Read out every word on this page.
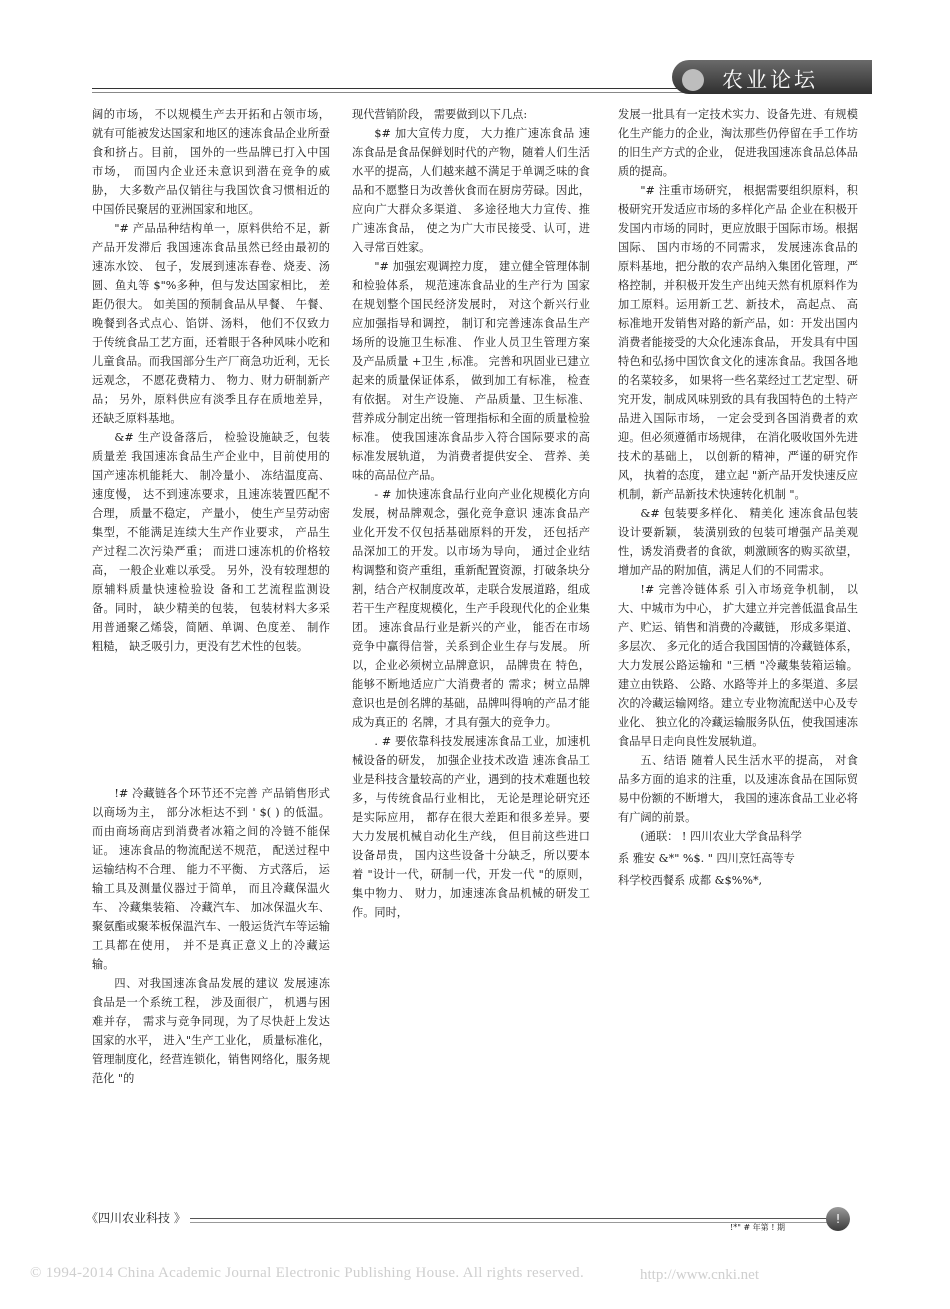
农业论坛

阔的市场， 不以规模生产去开拓和占领市场， 就有可能被发达国家和地区的速冻食品企业所蚕食和挤占。目前， 国外的一些品牌已打入中国市场， 而国内企业还未意识到潜在竞争的威胁， 大多数产品仅销往与我国饮食习惯相近的中国侨民聚居的亚洲国家和地区。

"# 产品品种结构单一，原料供给不足，新产品开发滞后 我国速冻食品虽然已经由最初的速冻水饺、 包子，发展到速冻春卷、烧麦、汤圆、鱼丸等 $"%多种，但与发达国家相比， 差距仍很大。 如美国的预制食品从早餐、 午餐、晚餐到各式点心、馅饼、汤料， 他们不仅致力于传统食品工艺方面，还着眼于各种风味小吃和儿童食品。而我国部分生产厂商急功近利，无长远观念， 不愿花费精力、 物力、财力研制新产品； 另外，原料供应有淡季且存在质地差异， 还缺乏原料基地。

&# 生产设备落后， 检验设施缺乏，包装质量差 我国速冻食品生产企业中，目前使用的国产速冻机能耗大、 制冷量小、 冻结温度高、 速度慢， 达不到速冻要求，且速冻装置匹配不合理， 质量不稳定， 产量小， 使生产呈劳动密集型，不能满足连续大生产作业要求， 产品生产过程二次污染严重； 而进口速冻机的价格较高， 一般企业难以承受。 另外，没有较理想的原辅料质量快速检验设 备和工艺流程监测设备。同时， 缺少精美的包装， 包装材料大多采用普通聚乙烯袋，简陋、单调、色度差、 制作粗糙， 缺乏吸引力，更没有艺术性的包装。

!# 冷藏链各个环节还不完善 产品销售形式以商场为主， 部分冰柜达不到 ' $( ) 的低温。 而由商场商店到消费者冰箱之间的冷链不能保证。 速冻食品的物流配送不规范， 配送过程中运输结构不合理、 能力不平衡、 方式落后， 运输工具及测量仪器过于简单， 而且冷藏保温火车、 冷藏集装箱、 冷藏汽车、 加冰保温火车、聚氨酯或聚苯板保温汽车、一般运货汽车等运输工具都在使用， 并不是真正意义上的冷藏运输。

四、对我国速冻食品发展的建议 发展速冻食品是一个系统工程， 涉及面很广， 机遇与困难并存， 需求与竞争同现，为了尽快赶上发达国家的水平， 进入"生产工业化， 质量标准化， 管理制度化，经营连锁化，销售网络化，服务规范化 "的

现代营销阶段， 需要做到以下几点:

$# 加大宣传力度， 大力推广速冻食品 速冻食品是食品保鲜划时代的产物，随着人们生活水平的提高，人们越来越不满足于单调乏味的食品和不愿整日为改善伙食而在厨房劳碌。因此，应向广大群众多渠道、 多途径地大力宣传、推广速冻食品， 使之为广大市民接受、认可，进入寻常百姓家。

"# 加强宏观调控力度， 建立健全管理体制和检验体系， 规范速冻食品业的生产行为 国家在规划整个国民经济发展时， 对这个新兴行业应加强指导和调控， 制订和完善速冻食品生产场所的设施卫生标准、 作业人员卫生管理方案及产品质量 +卫生 ,标准。 完善和巩固业已建立起来的质量保证体系， 做到加工有标准， 检查有依据。 对生产设施、 产品质量、卫生标准、营养成分制定出统一管理指标和全面的质量检验标准。 使我国速冻食品步入符合国际要求的高 标准发展轨道， 为消费者提供安全、 营养、美味的高品位产品。

- # 加快速冻食品行业向产业化规模化方向发展，树品牌观念，强化竞争意识 速冻食品产业化开发不仅包括基础原料的开发， 还包括产品深加工的开发。以市场为导向， 通过企业结构调整和资产重组，重新配置资源，打破条块分割，结合产权制度改革，走联合发展道路，组成若干生产程度规模化，生产手段现代化的企业集团。 速冻食品行业是新兴的产业， 能否在市场竞争中赢得信誉，关系到企业生存与发展。 所以，企业必须树立品牌意识， 品牌贵在 特色，能够不断地适应广大消费者的 需求；树立品牌意识也是创名牌的基础，品牌叫得响的产品才能成为真正的 名牌，才具有强大的竞争力。

. # 要依靠科技发展速冻食品工业，加速机械设备的研发， 加强企业技术改造 速冻食品工业是科技含量较高的产业，遇到的技术难题也较多，与传统食品行业相比， 无论是理论研究还是实际应用， 都存在很大差距和很多差异。要大力发展机械自动化生产线， 但目前这些进口设备昂贵， 国内这些设备十分缺乏，所以要本着 "设计一代，研制一代，开发一代 "的原则， 集中物力、 财力，加速速冻食品机械的研发工作。同时，

发展一批具有一定技术实力、设备先进、有规模化生产能力的企业，淘汰那些仍停留在手工作坊的旧生产方式的企业， 促进我国速冻食品总体品质的提高。

"# 注重市场研究， 根据需要组织原料，积极研究开发适应市场的多样化产品 企业在积极开发国内市场的同时，更应放眼于国际市场。根据国际、 国内市场的不同需求， 发展速冻食品的原料基地，把分散的农产品纳入集团化管理，严格控制，并积极开发生产出纯天然有机原料作为加工原料。运用新工艺、新技术， 高起点、 高标准地开发销售对路的新产品，如：开发出国内消费者能接受的大众化速冻食品， 开发具有中国特色和弘扬中国饮食文化的速冻食品。我国各地的名菜较多， 如果将一些名菜经过工艺定型、研究开发，制成风味别致的具有我国特色的土特产品进入国际市场， 一定会受到各国消费者的欢迎。但必须遵循市场规律， 在消化吸收国外先进技术的基础上， 以创新的精神，严谨的研究作风， 执着的态度， 建立起 "新产品开发快速反应机制，新产品新技术快速转化机制 "。

&# 包装要多样化、 精美化 速冻食品包装设计要新颖， 装潢别致的包装可增强产品美观性，诱发消费者的食欲，刺激顾客的购买欲望， 增加产品的附加值，满足人们的不同需求。

!# 完善冷链体系 引入市场竞争机制， 以大、中城市为中心， 扩大建立并完善低温食品生产、贮运、销售和消费的冷藏链， 形成多渠道、 多层次、 多元化的适合我国国情的冷藏链体系， 大力发展公路运输和 "三栖 "冷藏集装箱运输。建立由铁路、 公路、水路等并上的多渠道、多层次的冷藏运输网络。建立专业物流配送中心及专业化、 独立化的冷藏运输服务队伍，使我国速冻食品早日走向良性发展轨道。

五、结语 随着人民生活水平的提高， 对食品多方面的追求的注重，以及速冻食品在国际贸易中份额的不断增大， 我国的速冻食品工业必将有广阔的前景。

(通联： ! 四川农业大学食品科学

系 雅安 &*" %$. " 四川烹饪高等专

科学校西餐系 成都 &$%%*,

《四川农业科技 》
!*" # 年第 ! 期
!
© 1994-2014 China Academic Journal Electronic Publishing House. All rights reserved.	http://www.cnki.net
